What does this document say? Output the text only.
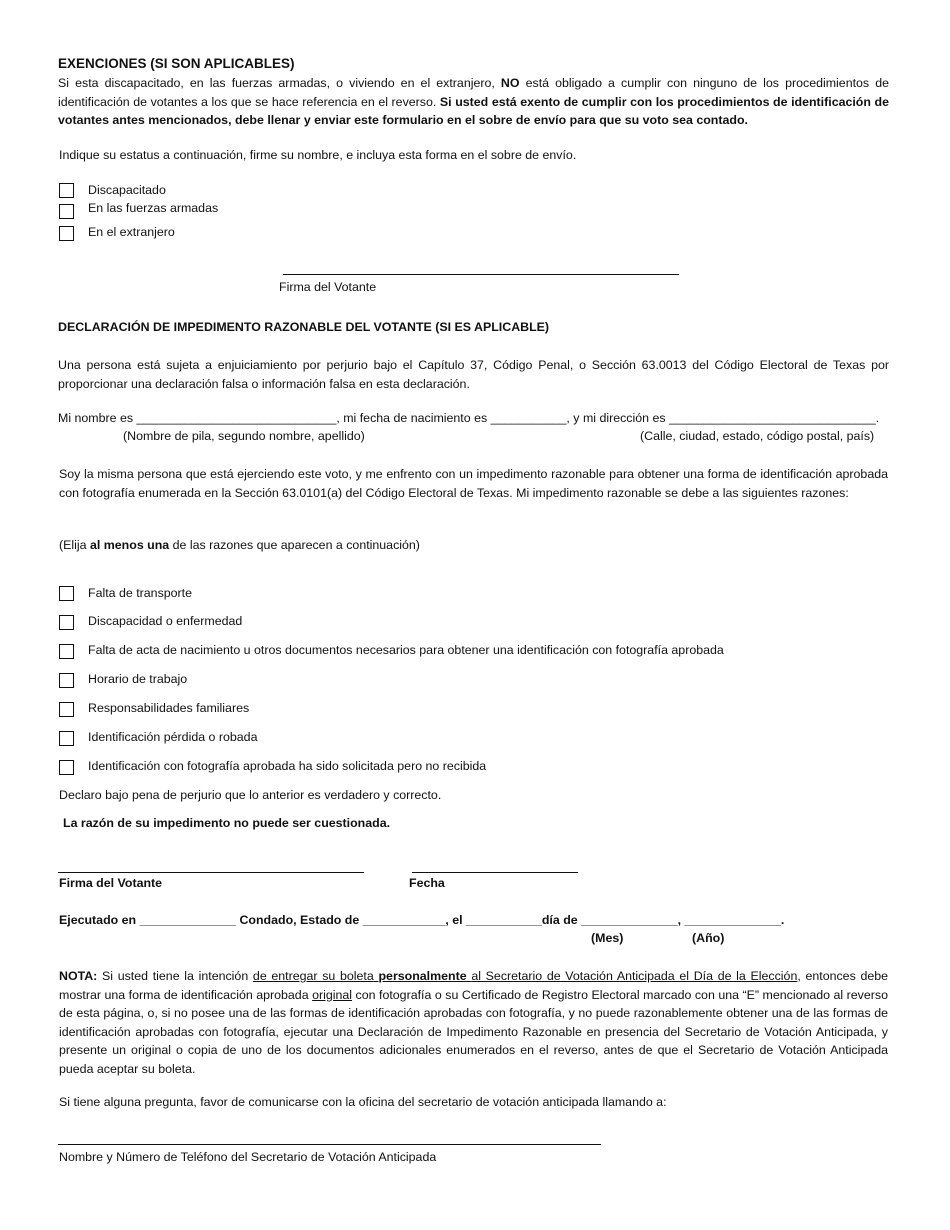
EXENCIONES (SI SON APLICABLES)
Si esta discapacitado, en las fuerzas armadas, o viviendo en el extranjero, NO está obligado a cumplir con ninguno de los procedimientos de identificación de votantes a los que se hace referencia en el reverso. Si usted está exento de cumplir con los procedimientos de identificación de votantes antes mencionados, debe llenar y enviar este formulario en el sobre de envío para que su voto sea contado.
Indique su estatus a continuación, firme su nombre, e incluya esta forma en el sobre de envío.
Discapacitado
En las fuerzas armadas
En el extranjero
Firma del Votante
DECLARACIÓN DE IMPEDIMENTO RAZONABLE DEL VOTANTE (SI ES APLICABLE)
Una persona está sujeta a enjuiciamiento por perjurio bajo el Capítulo 37, Código Penal, o Sección 63.0013 del Código Electoral de Texas por proporcionar una declaración falsa o información falsa en esta declaración.
Mi nombre es _____________________________, mi fecha de nacimiento es ___________, y mi dirección es ______________________________.
(Nombre de pila, segundo nombre, apellido)	(Calle, ciudad, estado, código postal, país)
Soy la misma persona que está ejerciendo este voto, y me enfrento con un impedimento razonable para obtener una forma de identificación aprobada con fotografía enumerada en la Sección 63.0101(a) del Código Electoral de Texas. Mi impedimento razonable se debe a las siguientes razones:
(Elija al menos una de las razones que aparecen a continuación)
Falta de transporte
Discapacidad o enfermedad
Falta de acta de nacimiento u otros documentos necesarios para obtener una identificación con fotografía aprobada
Horario de trabajo
Responsabilidades familiares
Identificación pérdida o robada
Identificación con fotografía aprobada ha sido solicitada pero no recibida
Declaro bajo pena de perjurio que lo anterior es verdadero y correcto.
La razón de su impedimento no puede ser cuestionada.
Firma del Votante	Fecha
Ejecutado en ______________ Condado, Estado de ____________, el ___________día de ______________, ______________.
(Mes)	(Año)
NOTA: Si usted tiene la intención de entregar su boleta personalmente al Secretario de Votación Anticipada el Día de la Elección, entonces debe mostrar una forma de identificación aprobada original con fotografía o su Certificado de Registro Electoral marcado con una “E” mencionado al reverso de esta página, o, si no posee una de las formas de identificación aprobadas con fotografía, y no puede razonablemente obtener una de las formas de identificación aprobadas con fotografía, ejecutar una Declaración de Impedimento Razonable en presencia del Secretario de Votación Anticipada, y presente un original o copia de uno de los documentos adicionales enumerados en el reverso, antes de que el Secretario de Votación Anticipada pueda aceptar su boleta.
Si tiene alguna pregunta, favor de comunicarse con la oficina del secretario de votación anticipada llamando a:
Nombre y Número de Teléfono del Secretario de Votación Anticipada
